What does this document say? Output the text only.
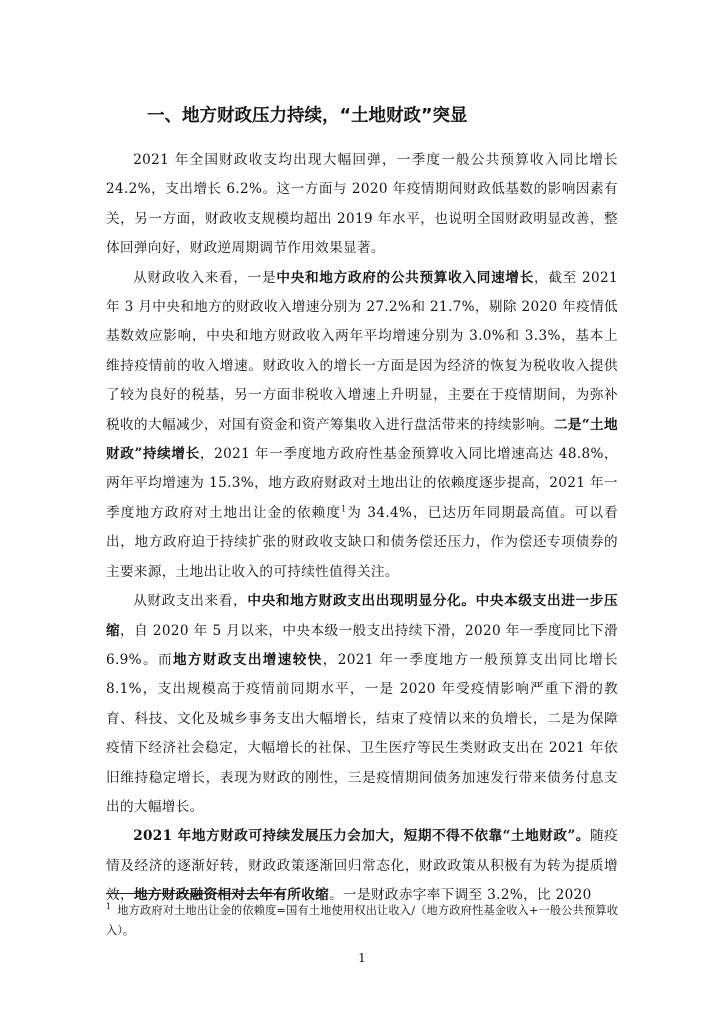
一、地方财政压力持续，“土地财政”突显

2021 年全国财政收支均出现大幅回弹，一季度一般公共预算收入同比增长 24.2%，支出增长 6.2%。这一方面与 2020 年疫情期间财政低基数的影响因素有关，另一方面，财政收支规模均超出 2019 年水平，也说明全国财政明显改善，整体回弹向好，财政逆周期调节作用效果显著。

从财政收入来看，一是中央和地方政府的公共预算收入同速增长，截至 2021 年 3 月中央和地方的财政收入增速分别为 27.2%和 21.7%，剔除 2020 年疫情低基数效应影响，中央和地方财政收入两年平均增速分别为 3.0%和 3.3%，基本上维持疫情前的收入增速。财政收入的增长一方面是因为经济的恢复为税收收入提供了较为良好的税基，另一方面非税收入增速上升明显，主要在于疫情期间，为弥补税收的大幅减少，对国有资金和资产筹集收入进行盘活带来的持续影响。二是“土地财政”持续增长，2021 年一季度地方政府性基金预算收入同比增速高达 48.8%，两年平均增速为 15.3%，地方政府财政对土地出让的依赖度逐步提高，2021 年一季度地方政府对土地出让金的依赖度$^1$为 34.4%，已达历年同期最高值。可以看出，地方政府迫于持续扩张的财政收支缺口和债务偿还压力，作为偿还专项债券的主要来源，土地出让收入的可持续性值得关注。

从财政支出来看，中央和地方财政支出出现明显分化。中央本级支出进一步压缩，自 2020 年 5 月以来，中央本级一般支出持续下滑，2020 年一季度同比下滑 6.9%。而地方财政支出增速较快，2021 年一季度地方一般预算支出同比增长 8.1%，支出规模高于疫情前同期水平，一是 2020 年受疫情影响严重下滑的教育、科技、文化及城乡事务支出大幅增长，结束了疫情以来的负增长，二是为保障疫情下经济社会稳定，大幅增长的社保、卫生医疗等民生类财政支出在 2021 年依旧维持稳定增长，表现为财政的刚性，三是疫情期间债务加速发行带来债务付息支出的大幅增长。

2021 年地方财政可持续发展压力会加大，短期不得不依靠“土地财政”。随疫情及经济的逐渐好转，财政政策逐渐回归常态化，财政政策从积极有为转为提质增效，地方财政融资相对去年有所收缩。一是财政赤字率下调至 3.2%，比 2020

$^1$ 地方政府对土地出让金的依赖度=国有土地使用权出让收入/（地方政府性基金收入+一般公共预算收入）。

1
